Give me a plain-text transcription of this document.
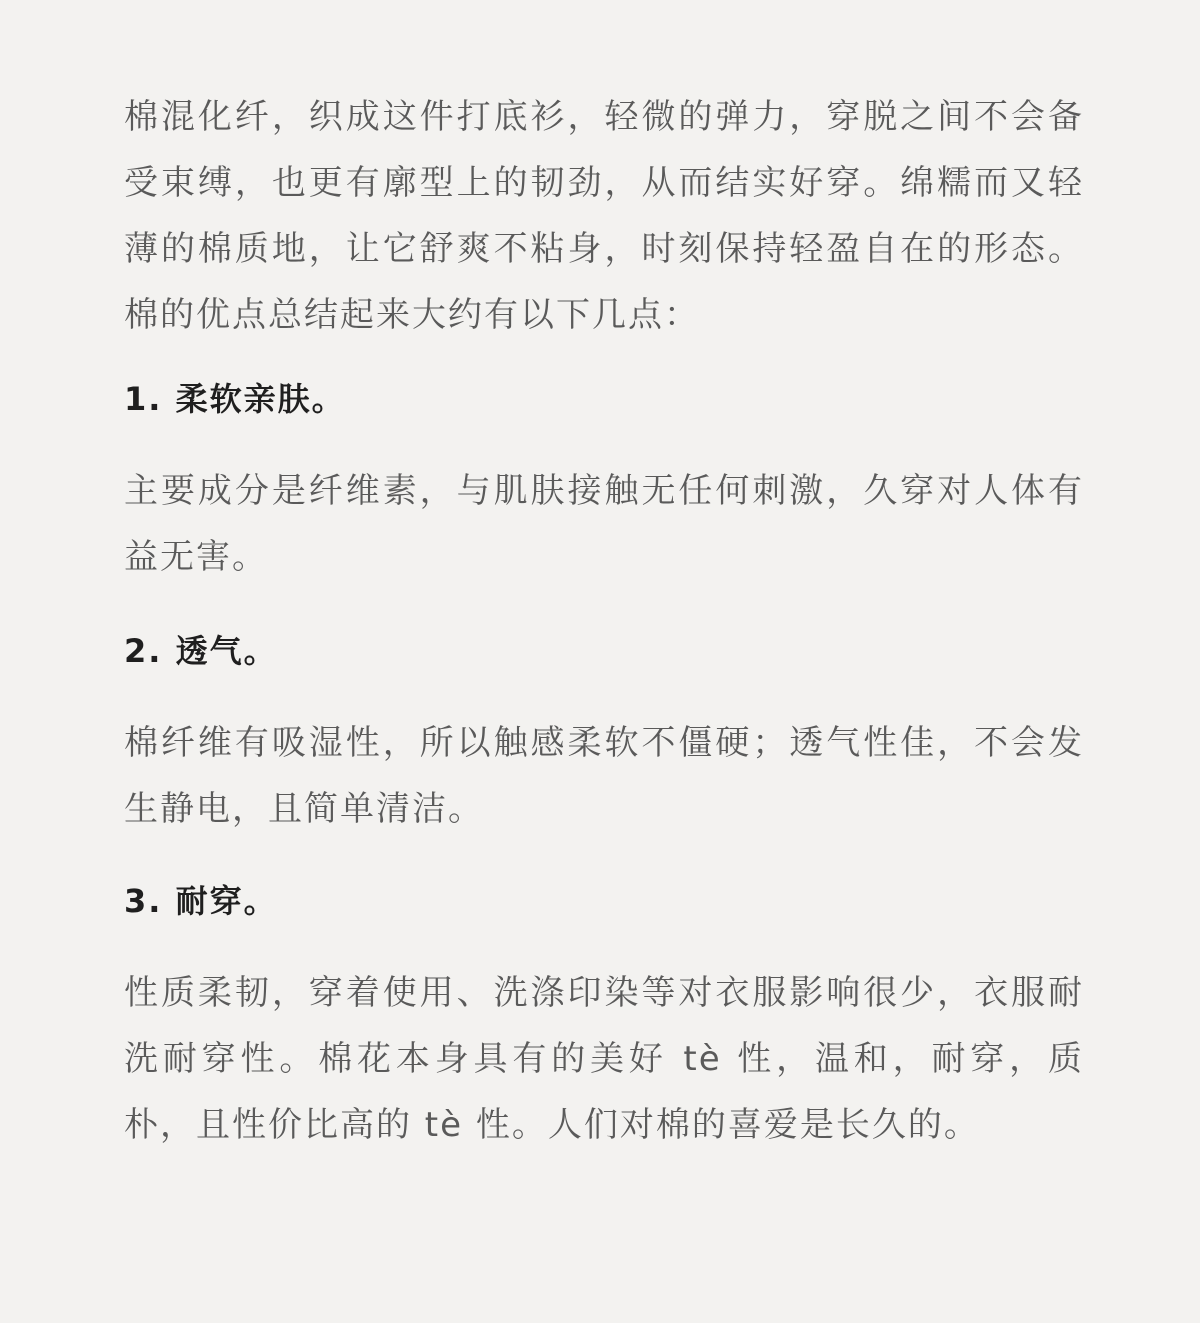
棉混化纤，织成这件打底衫，轻微的弹力，穿脱之间不会备受束缚，也更有廓型上的韧劲，从而结实好穿。绵糯而又轻薄的棉质地，让它舒爽不粘身，时刻保持轻盈自在的形态。棉的优点总结起来大约有以下几点：

1. 柔软亲肤。

主要成分是纤维素，与肌肤接触无任何刺激，久穿对人体有益无害。

2. 透气。

棉纤维有吸湿性，所以触感柔软不僵硬；透气性佳，不会发生静电，且简单清洁。

3. 耐穿。

性质柔韧，穿着使用、洗涤印染等对衣服影响很少，衣服耐洗耐穿性。棉花本身具有的美好 tè 性，温和，耐穿，质朴，且性价比高的 tè 性。人们对棉的喜爱是长久的。
